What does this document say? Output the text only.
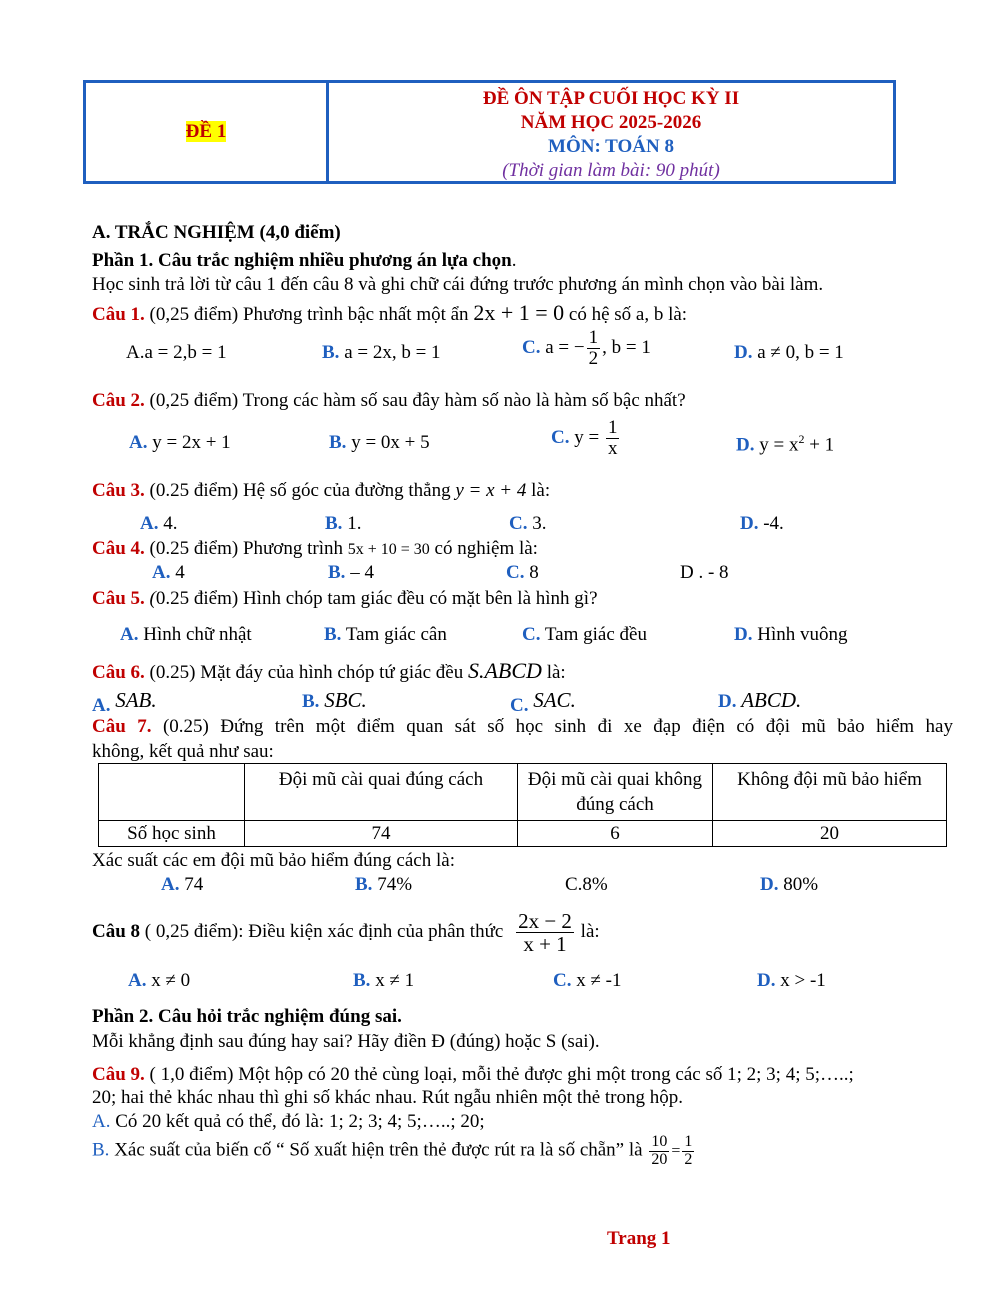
ĐỀ 1
ĐỀ ÔN TẬP CUỐI HỌC KỲ II
NĂM HỌC 2025-2026
MÔN: TOÁN 8
(Thời gian làm bài: 90 phút)
A. TRẮC NGHIỆM (4,0 điểm)
Phần 1. Câu trắc nghiệm nhiều phương án lựa chọn.
Học sinh trả lời từ câu 1 đến câu 8 và ghi chữ cái đứng trước phương án mình chọn vào bài làm.
Câu 1. (0,25 điểm) Phương trình bậc nhất một ẩn 2x + 1 = 0 có hệ số a, b là:
A.a = 2,b = 1	B. a = 2x, b = 1	C. a = − $\frac{1}{2}$ , b = 1	D. a ≠ 0, b = 1
Câu 2. (0,25 điểm) Trong các hàm số sau đây hàm số nào là hàm số bậc nhất?
A. y = 2x + 1	B. y = 0x + 5	C. $y = \frac{1}{x}$	D. $y = x^2 + 1$
Câu 3. (0.25 điểm) Hệ số góc của đường thẳng y = x + 4 là:
A. 4.	B. 1.	C. 3.	D. -4.
Câu 4. (0.25 điểm) Phương trình 5x + 10 = 30 có nghiệm là:
A. 4	B. – 4	C. 8	D . - 8
Câu 5. (0.25 điểm) Hình chóp tam giác đều có mặt bên là hình gì?
A. Hình chữ nhật	B. Tam giác cân	C. Tam giác đều	D. Hình vuông
Câu 6. (0.25) Mặt đáy của hình chóp tứ giác đều S.ABCD là:
A. SAB.	B. SBC.	C. SAC.	D. ABCD.
Câu 7. (0.25) Đứng trên một điểm quan sát số học sinh đi xe đạp điện có đội mũ bảo hiểm hay
không, kết quả như sau:
	Đội mũ cài quai đúng cách	Đội mũ cài quai không đúng cách	Không đội mũ bảo hiểm
Số học sinh	74	6	20
Xác suất các em đội mũ bảo hiểm đúng cách là:
A. 74	B. 74%	C.8%	D. 80%
Câu 8 ( 0,25 điểm): Điều kiện xác định của phân thức $\frac{2x - 2}{x + 1}$ là:
A. x ≠ 0	B. x ≠ 1	C. x ≠ -1	D. x > -1
Phần 2. Câu hỏi trắc nghiệm đúng sai.
Mỗi khẳng định sau đúng hay sai? Hãy điền Đ (đúng) hoặc S (sai).
Câu 9. ( 1,0 điểm) Một hộp có 20 thẻ cùng loại, mỗi thẻ được ghi một trong các số 1; 2; 3; 4; 5;…..;
20; hai thẻ khác nhau thì ghi số khác nhau. Rút ngẫu nhiên một thẻ trong hộp.
A. Có 20 kết quả có thể, đó là: 1; 2; 3; 4; 5;…..; 20;
B. Xác suất của biến cố “ Số xuất hiện trên thẻ được rút ra là số chẵn” là $\frac{10}{20} = \frac{1}{2}$
Trang 1
